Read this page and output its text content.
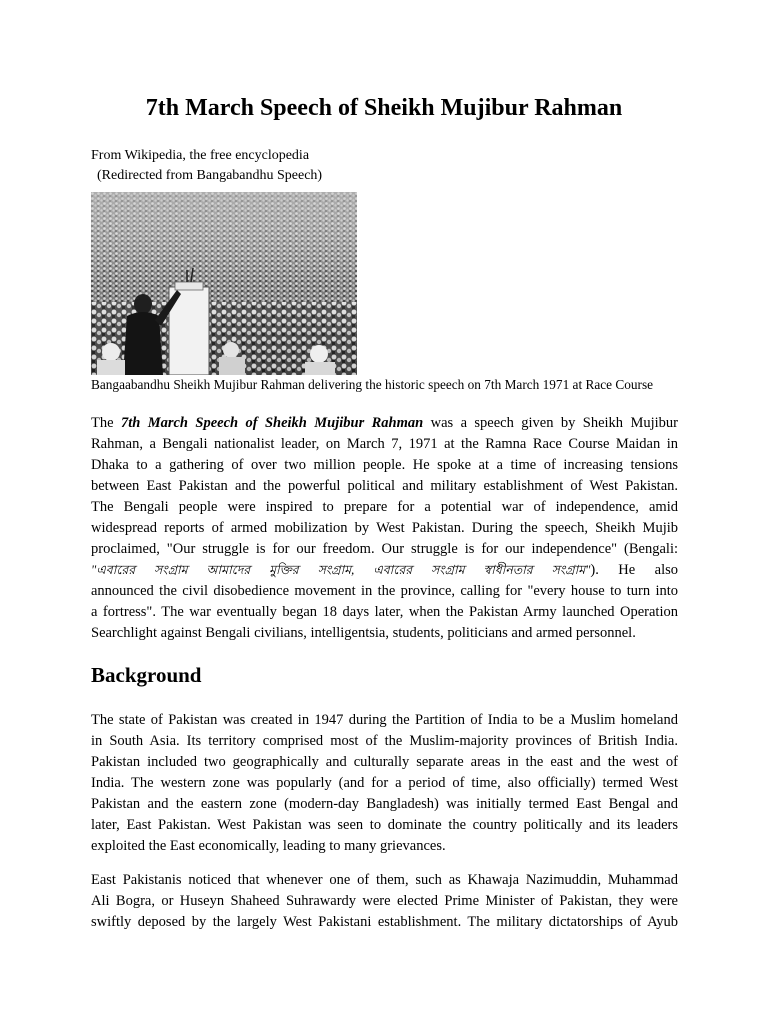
7th March Speech of Sheikh Mujibur Rahman
From Wikipedia, the free encyclopedia
(Redirected from Bangabandhu Speech)
Bangaabandhu Sheikh Mujibur Rahman delivering the historic speech on 7th March 1971 at Race Course
The 7th March Speech of Sheikh Mujibur Rahman was a speech given by Sheikh Mujibur
Rahman, a Bengali nationalist leader, on March 7, 1971 at the Ramna Race Course Maidan in
Dhaka to a gathering of over two million people. He spoke at a time of increasing tensions
between East Pakistan and the powerful political and military establishment of West Pakistan.
The Bengali people were inspired to prepare for a potential war of independence, amid
widespread reports of armed mobilization by West Pakistan. During the speech, Sheikh Mujib
proclaimed, "Our struggle is for our freedom. Our struggle is for our independence" (Bengali:
"এবারের সংগ্রাম আমাদের মুক্তির সংগ্রাম, এবারের সংগ্রাম স্বাধীনতার সংগ্রাম"). He also
announced the civil disobedience movement in the province, calling for "every house to turn into
a fortress". The war eventually began 18 days later, when the Pakistan Army launched Operation
Searchlight against Bengali civilians, intelligentsia, students, politicians and armed personnel.
Background
The state of Pakistan was created in 1947 during the Partition of India to be a Muslim homeland
in South Asia. Its territory comprised most of the Muslim-majority provinces of British India.
Pakistan included two geographically and culturally separate areas in the east and the west of
India. The western zone was popularly (and for a period of time, also officially) termed West
Pakistan and the eastern zone (modern-day Bangladesh) was initially termed East Bengal and
later, East Pakistan. West Pakistan was seen to dominate the country politically and its leaders
exploited the East economically, leading to many grievances.
East Pakistanis noticed that whenever one of them, such as Khawaja Nazimuddin, Muhammad
Ali Bogra, or Huseyn Shaheed Suhrawardy were elected Prime Minister of Pakistan, they were
swiftly deposed by the largely West Pakistani establishment. The military dictatorships of Ayub
